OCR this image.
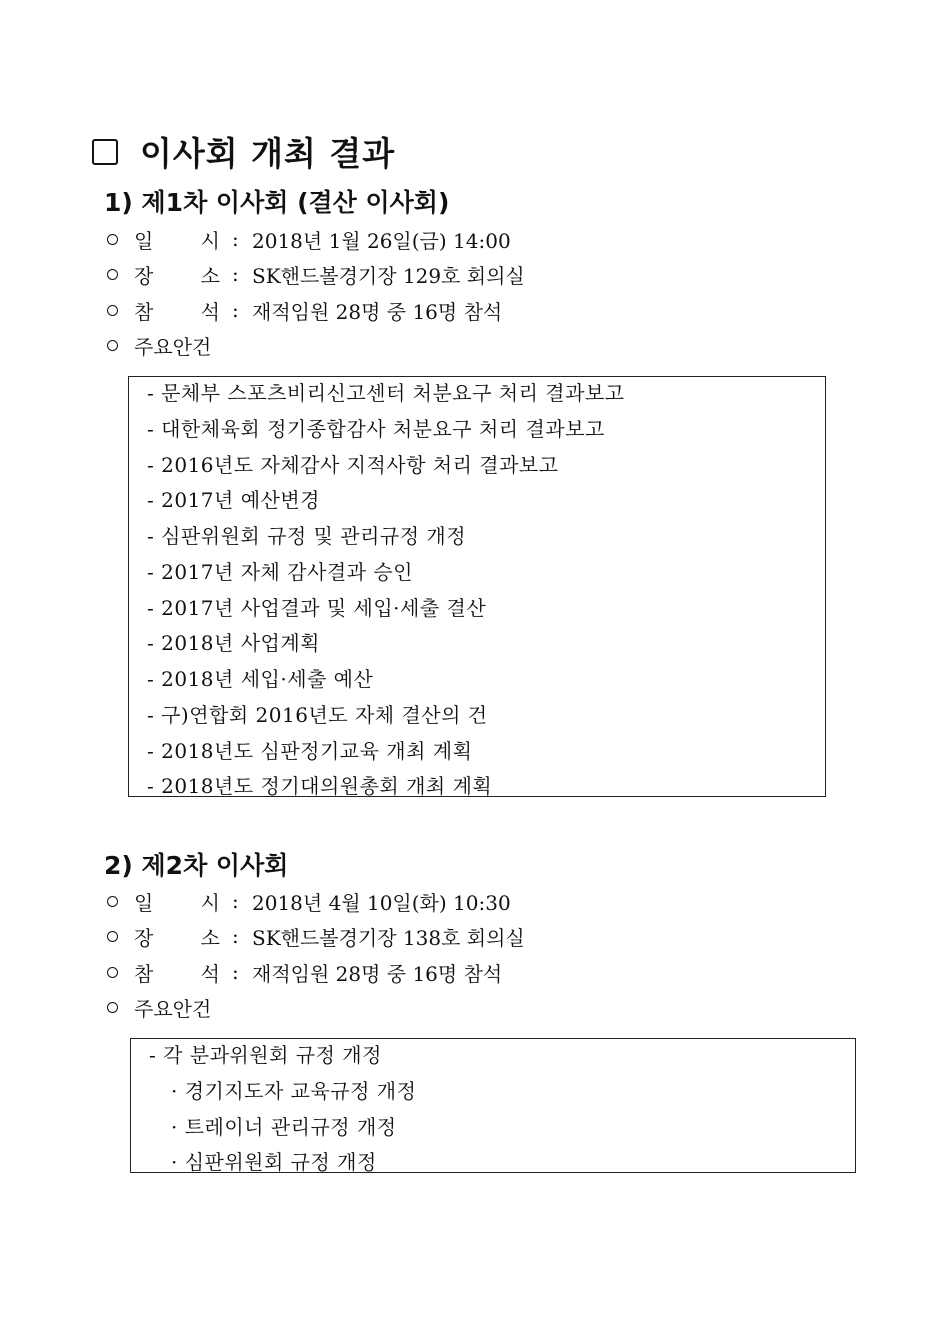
이사회 개최 결과
1) 제1차 이사회 (결산 이사회)
일 시 : 2018년 1월 26일(금) 14:00
장 소 : SK핸드볼경기장 129호 회의실
참 석 : 재적임원 28명 중 16명 참석
주요안건
- 문체부 스포츠비리신고센터 처분요구 처리 결과보고
- 대한체육회 정기종합감사 처분요구 처리 결과보고
- 2016년도 자체감사 지적사항 처리 결과보고
- 2017년 예산변경
- 심판위원회 규정 및 관리규정 개정
- 2017년 자체 감사결과 승인
- 2017년 사업결과 및 세입·세출 결산
- 2018년 사업계획
- 2018년 세입·세출 예산
- 구)연합회 2016년도 자체 결산의 건
- 2018년도 심판정기교육 개최 계획
- 2018년도 정기대의원총회 개최 계획
2) 제2차 이사회
일 시 : 2018년 4월 10일(화) 10:30
장 소 : SK핸드볼경기장 138호 회의실
참 석 : 재적임원 28명 중 16명 참석
주요안건
- 각 분과위원회 규정 개정
· 경기지도자 교육규정 개정
· 트레이너 관리규정 개정
· 심판위원회 규정 개정
